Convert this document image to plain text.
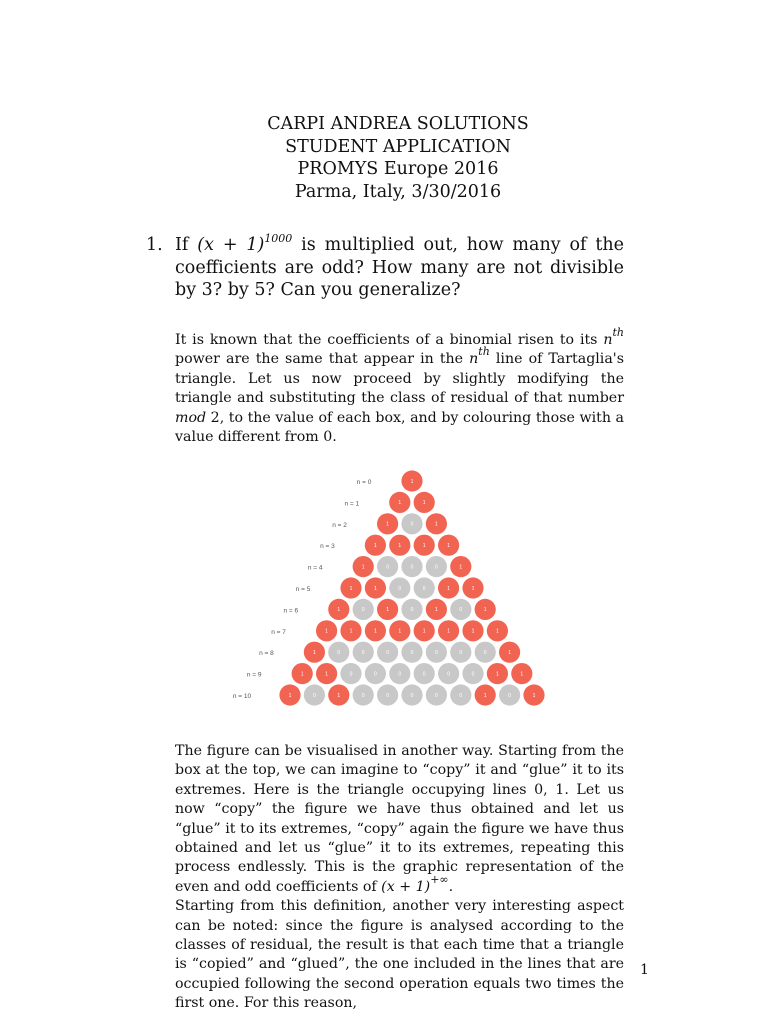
CARPI ANDREA SOLUTIONS
STUDENT APPLICATION
PROMYS Europe 2016
Parma, Italy, 3/30/2016
1. If $(x + 1)^{1000}$ is multiplied out, how many of the coefficients are odd? How many are not divisible by 3? by 5? Can you generalize?
It is known that the coefficients of a binomial risen to its $n^{th}$ power are the same that appear in the $n^{th}$ line of Tartaglia's triangle. Let us now proceed by slightly modifying the triangle and substituting the class of residual of that number mod 2, to the value of each box, and by colouring those with a value different from 0.
n = 0	1
n = 1	1	1
n = 2	1	0	1
n = 3	1	1	1	1
n = 4	1	0	0	0	1
n = 5	1	1	0	0	1	1
n = 6	1	0	1	0	1	0	1
n = 7	1	1	1	1	1	1	1	1
n = 8	1	0	0	0	0	0	0	0	1
n = 9	1	1	0	0	0	0	0	0	1	1
n = 10	1	0	1	0	0	0	0	0	1	0	1

The figure can be visualised in another way. Starting from the box at the top, we can imagine to “copy” it and “glue” it to its extremes. Here is the triangle occupying lines 0, 1. Let us now “copy” the figure we have thus obtained and let us “glue” it to its extremes, “copy” again the figure we have thus obtained and let us “glue” it to its extremes, repeating this process endlessly. This is the graphic representation of the even and odd coefficients of (x + 1)+∞.

Starting from this definition, another very interesting aspect can be noted: since the figure is analysed according to the classes of residual, the result is that each time that a triangle is “copied” and “glued”, the one included in the lines that are occupied following the second operation equals two times the first one. For this reason,

1
